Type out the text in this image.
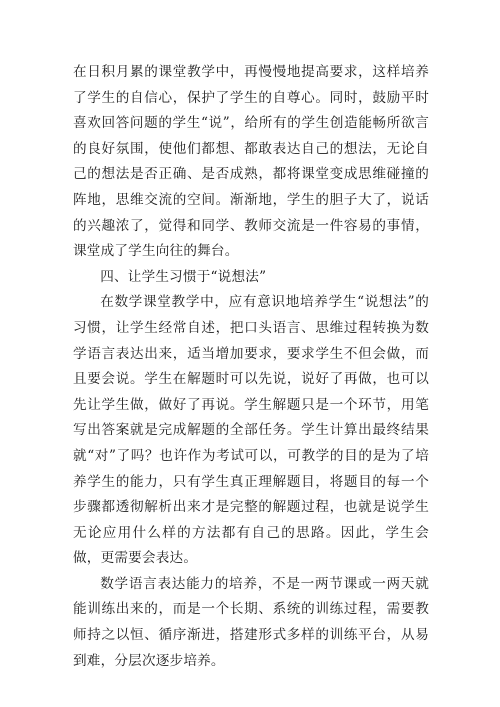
在日积月累的课堂教学中，再慢慢地提高要求，这样培养了学生的自信心，保护了学生的自尊心。同时，鼓励平时喜欢回答问题的学生“说”，给所有的学生创造能畅所欲言的良好氛围，使他们都想、都敢表达自己的想法，无论自己的想法是否正确、是否成熟，都将课堂变成思维碰撞的阵地，思维交流的空间。渐渐地，学生的胆子大了，说话的兴趣浓了，觉得和同学、教师交流是一件容易的事情，课堂成了学生向往的舞台。

四、让学生习惯于“说想法”

在数学课堂教学中，应有意识地培养学生“说想法”的习惯，让学生经常自述，把口头语言、思维过程转换为数学语言表达出来，适当增加要求，要求学生不但会做，而且要会说。学生在解题时可以先说，说好了再做，也可以先让学生做，做好了再说。学生解题只是一个环节，用笔写出答案就是完成解题的全部任务。学生计算出最终结果就“对”了吗？也许作为考试可以，可教学的目的是为了培养学生的能力，只有学生真正理解题目，将题目的每一个步骤都透彻解析出来才是完整的解题过程，也就是说学生无论应用什么样的方法都有自己的思路。因此，学生会做，更需要会表达。

数学语言表达能力的培养，不是一两节课或一两天就能训练出来的，而是一个长期、系统的训练过程，需要教师持之以恒、循序渐进，搭建形式多样的训练平台，从易到难，分层次逐步培养。
